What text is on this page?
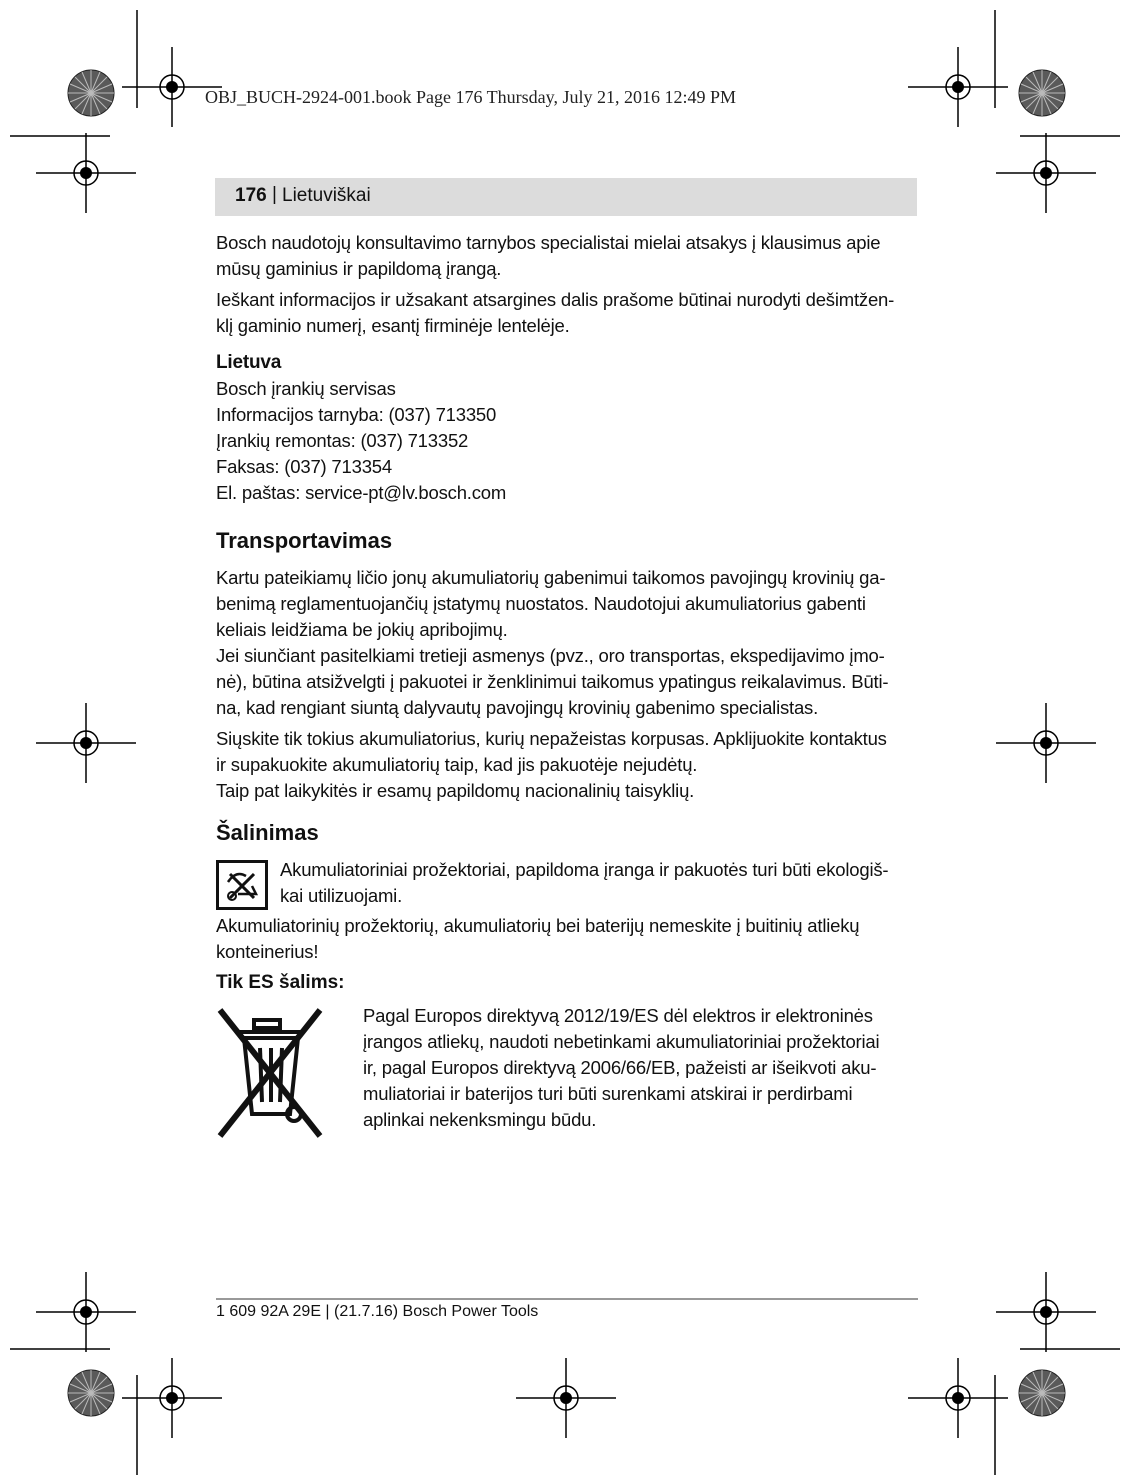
OBJ_BUCH-2924-001.book Page 176 Thursday, July 21, 2016 12:49 PM
176 | Lietuviškai
Bosch naudotojų konsultavimo tarnybos specialistai mielai atsakys į klausimus apie
mūsų gaminius ir papildomą įrangą.
Ieškant informacijos ir užsakant atsargines dalis prašome būtinai nurodyti dešimtžen-
klį gaminio numerį, esantį firminėje lentelėje.
Lietuva
Bosch įrankių servisas
Informacijos tarnyba: (037) 713350
Įrankių remontas: (037) 713352
Faksas: (037) 713354
El. paštas: service-pt@lv.bosch.com
Transportavimas
Kartu pateikiamų ličio jonų akumuliatorių gabenimui taikomos pavojingų krovinių ga-
benimą reglamentuojančių įstatymų nuostatos. Naudotojui akumuliatorius gabenti
keliais leidžiama be jokių apribojimų.
Jei siunčiant pasitelkiami tretieji asmenys (pvz., oro transportas, ekspedijavimo įmo-
nė), būtina atsižvelgti į pakuotei ir ženklinimui taikomus ypatingus reikalavimus. Būti-
na, kad rengiant siuntą dalyvautų pavojingų krovinių gabenimo specialistas.
Siųskite tik tokius akumuliatorius, kurių nepažeistas korpusas. Apklijuokite kontaktus
ir supakuokite akumuliatorių taip, kad jis pakuotėje nejudėtų.
Taip pat laikykitės ir esamų papildomų nacionalinių taisyklių.
Šalinimas
Akumuliatoriniai prožektoriai, papildoma įranga ir pakuotės turi būti ekologiš-
kai utilizuojami.
Akumuliatorinių prožektorių, akumuliatorių bei baterijų nemeskite į buitinių atliekų
konteinerius!
Tik ES šalims:
Pagal Europos direktyvą 2012/19/ES dėl elektros ir elektroninės
įrangos atliekų, naudoti nebetinkami akumuliatoriniai prožektoriai
ir, pagal Europos direktyvą 2006/66/EB, pažeisti ar išeikvoti aku-
muliatoriai ir baterijos turi būti surenkami atskirai ir perdirbami
aplinkai nekenksmingu būdu.
1 609 92A 29E | (21.7.16) Bosch Power Tools
